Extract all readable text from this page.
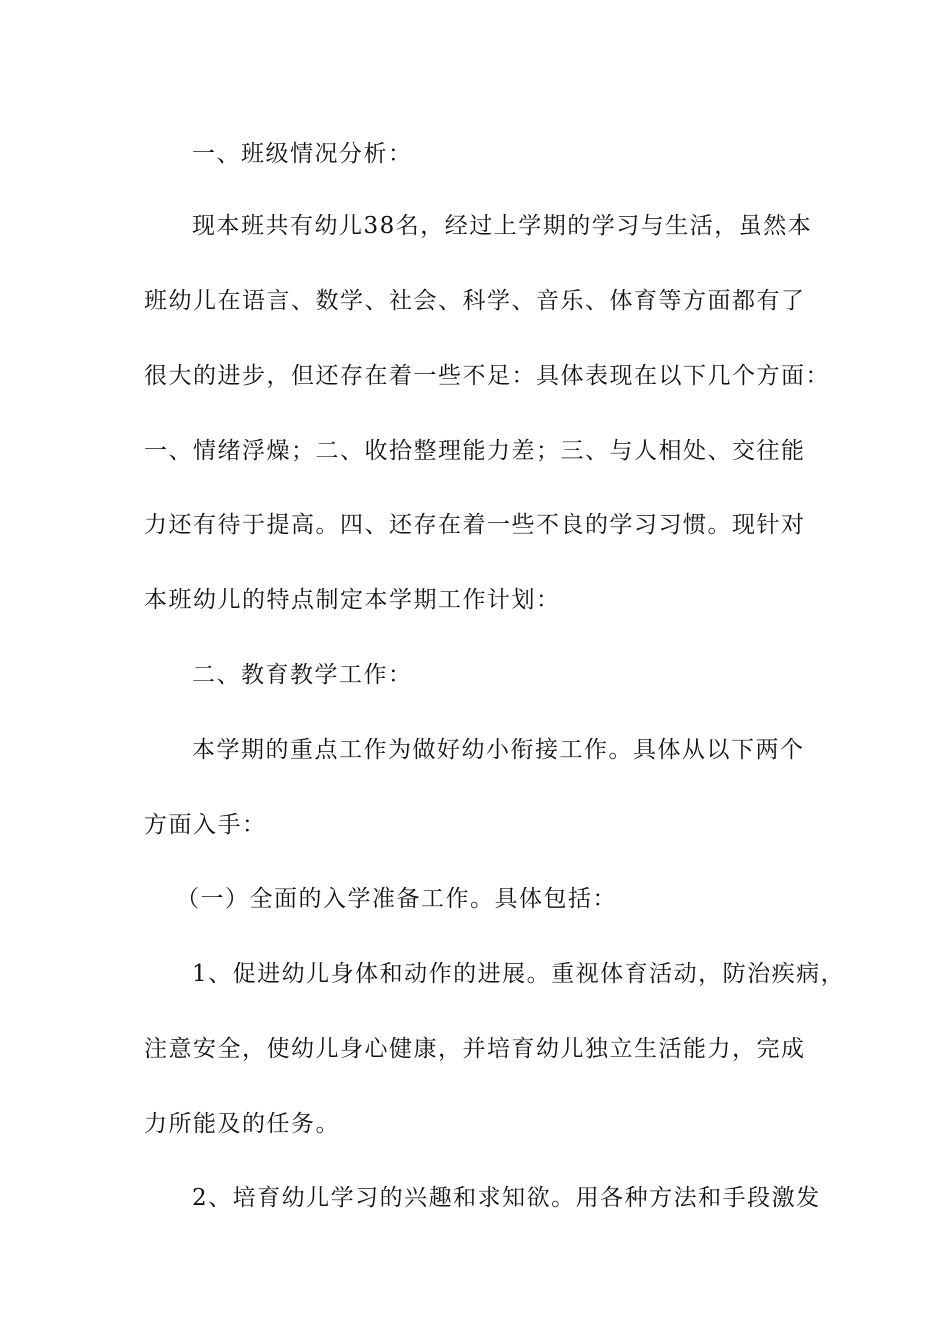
一、班级情况分析：
现本班共有幼儿38名，经过上学期的学习与生活，虽然本
班幼儿在语言、数学、社会、科学、音乐、体育等方面都有了
很大的进步，但还存在着一些不足：具体表现在以下几个方面：
一、情绪浮燥；二、收拾整理能力差；三、与人相处、交往能
力还有待于提高。四、还存在着一些不良的学习习惯。现针对
本班幼儿的特点制定本学期工作计划：
二、教育教学工作：
本学期的重点工作为做好幼小衔接工作。具体从以下两个
方面入手：
（一）全面的入学准备工作。具体包括：
1、促进幼儿身体和动作的进展。重视体育活动，防治疾病，
注意安全，使幼儿身心健康，并培育幼儿独立生活能力，完成
力所能及的任务。
2、培育幼儿学习的兴趣和求知欲。用各种方法和手段激发
